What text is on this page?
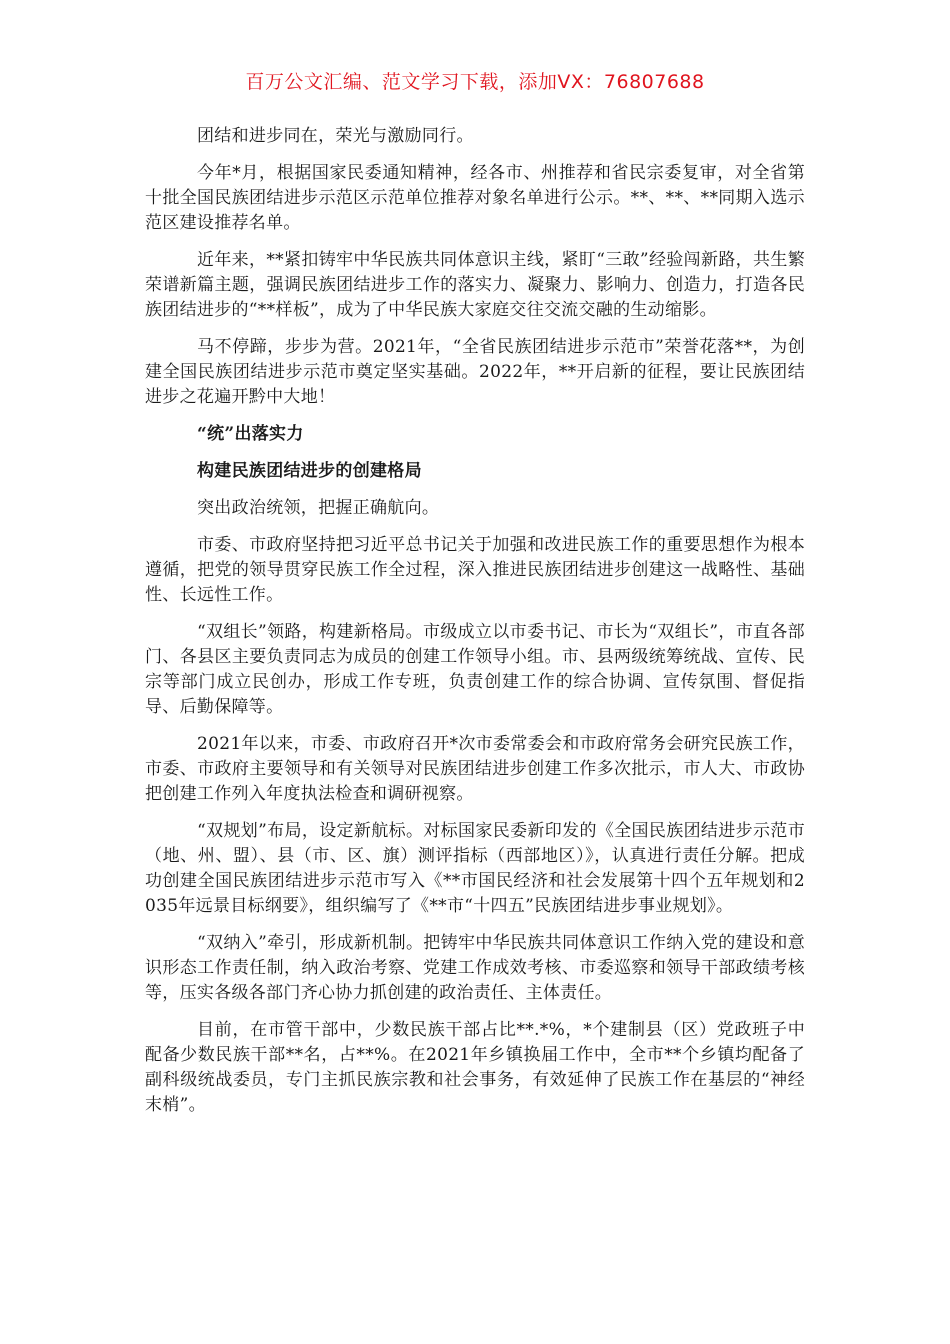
百万公文汇编、范文学习下载，添加VX：76807688

团结和进步同在，荣光与激励同行。

今年*月，根据国家民委通知精神，经各市、州推荐和省民宗委复审，对全省第十批全国民族团结进步示范区示范单位推荐对象名单进行公示。**、**、**同期入选示范区建设推荐名单。

近年来，**紧扣铸牢中华民族共同体意识主线，紧盯“三敢”经验闯新路，共生繁荣谱新篇主题，强调民族团结进步工作的落实力、凝聚力、影响力、创造力，打造各民族团结进步的“**样板”，成为了中华民族大家庭交往交流交融的生动缩影。

马不停蹄，步步为营。2021年，“全省民族团结进步示范市”荣誉花落**，为创建全国民族团结进步示范市奠定坚实基础。2022年，**开启新的征程，要让民族团结进步之花遍开黔中大地！

“统”出落实力

构建民族团结进步的创建格局

突出政治统领，把握正确航向。

市委、市政府坚持把习近平总书记关于加强和改进民族工作的重要思想作为根本遵循，把党的领导贯穿民族工作全过程，深入推进民族团结进步创建这一战略性、基础性、长远性工作。

“双组长”领路，构建新格局。市级成立以市委书记、市长为“双组长”，市直各部门、各县区主要负责同志为成员的创建工作领导小组。市、县两级统筹统战、宣传、民宗等部门成立民创办，形成工作专班，负责创建工作的综合协调、宣传氛围、督促指导、后勤保障等。

2021年以来，市委、市政府召开*次市委常委会和市政府常务会研究民族工作，市委、市政府主要领导和有关领导对民族团结进步创建工作多次批示，市人大、市政协把创建工作列入年度执法检查和调研视察。

“双规划”布局，设定新航标。对标国家民委新印发的《全国民族团结进步示范市（地、州、盟）、县（市、区、旗）测评指标（西部地区）》，认真进行责任分解。把成功创建全国民族团结进步示范市写入《**市国民经济和社会发展第十四个五年规划和2035年远景目标纲要》，组织编写了《**市“十四五”民族团结进步事业规划》。

“双纳入”牵引，形成新机制。把铸牢中华民族共同体意识工作纳入党的建设和意识形态工作责任制，纳入政治考察、党建工作成效考核、市委巡察和领导干部政绩考核等，压实各级各部门齐心协力抓创建的政治责任、主体责任。

目前，在市管干部中，少数民族干部占比**.*%，*个建制县（区）党政班子中配备少数民族干部**名，占**%。在2021年乡镇换届工作中，全市**个乡镇均配备了副科级统战委员，专门主抓民族宗教和社会事务，有效延伸了民族工作在基层的“神经末梢”。
